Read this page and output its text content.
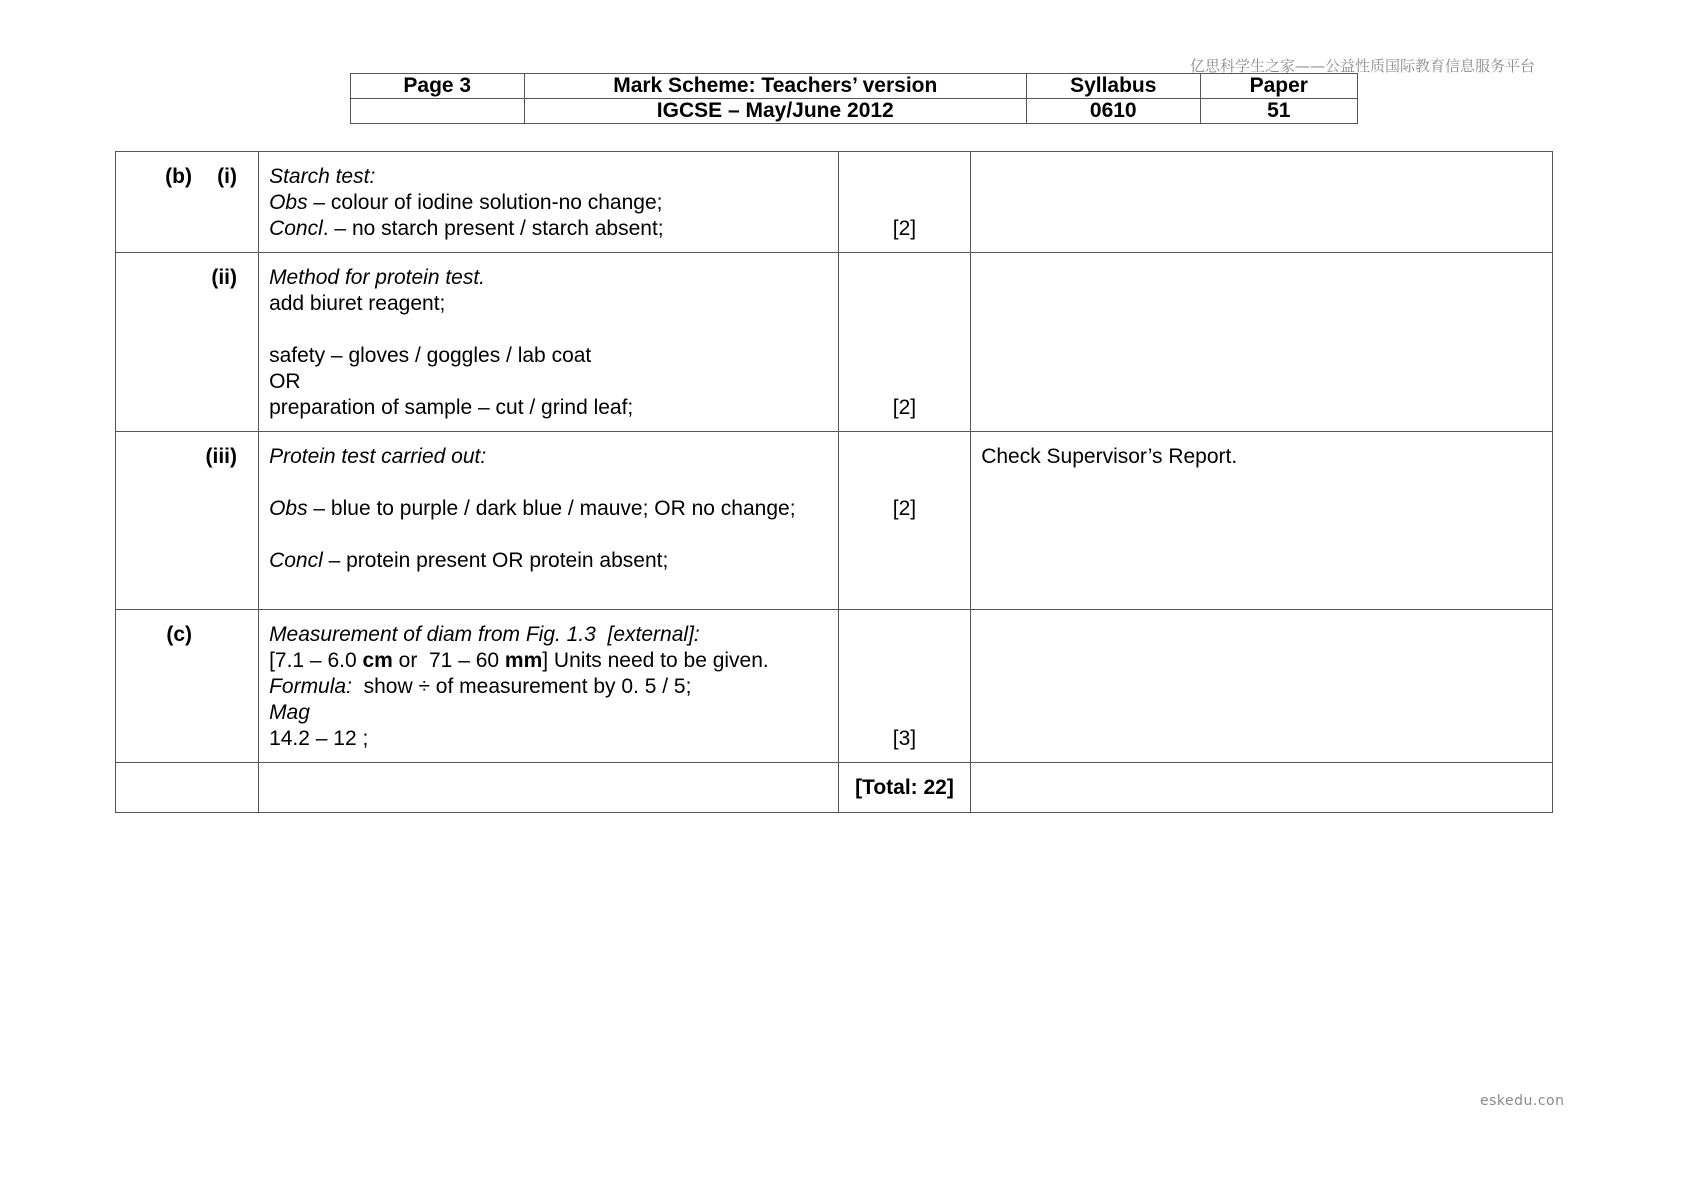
亿思科学生之家——公益性质国际教育信息服务平台
Page 3	Mark Scheme: Teachers’ version	Syllabus	Paper
	IGCSE – May/June 2012	0610	51
(b) (i)	Starch test:
Obs – colour of iodine solution-no change;
Concl. – no starch present / starch absent;	[2]	
(ii)	Method for protein test.
add biuret reagent;
safety – gloves / goggles / lab coat
OR
preparation of sample – cut / grind leaf;	[2]	
(iii)	Protein test carried out:
Obs – blue to purple / dark blue / mauve; OR no change;
Concl – protein present OR protein absent;	[2]	Check Supervisor’s Report.
(c)	Measurement of diam from Fig. 1.3  [external]:
[7.1 – 6.0 cm or  71 – 60 mm] Units need to be given.
Formula:  show ÷ of measurement by 0. 5 / 5;
Mag
14.2 – 12 ;	[3]	
		[Total: 22]	
eskedu.con
